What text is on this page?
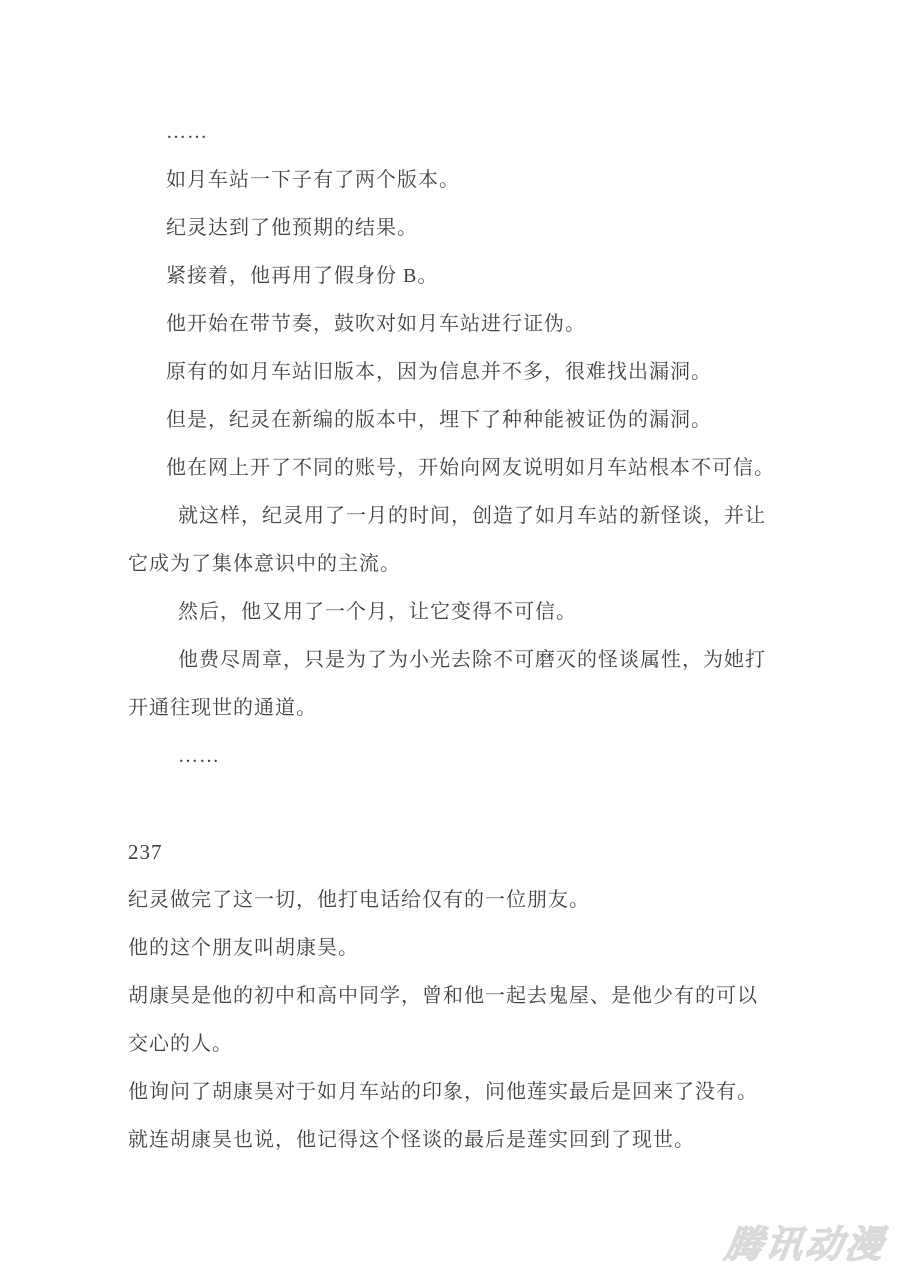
……
如月车站一下子有了两个版本。
纪灵达到了他预期的结果。
紧接着，他再用了假身份 B。
他开始在带节奏，鼓吹对如月车站进行证伪。
原有的如月车站旧版本，因为信息并不多，很难找出漏洞。
但是，纪灵在新编的版本中，埋下了种种能被证伪的漏洞。
他在网上开了不同的账号，开始向网友说明如月车站根本不可信。
就这样，纪灵用了一月的时间，创造了如月车站的新怪谈，并让
它成为了集体意识中的主流。
然后，他又用了一个月，让它变得不可信。
他费尽周章，只是为了为小光去除不可磨灭的怪谈属性，为她打
开通往现世的通道。
……
237
纪灵做完了这一切，他打电话给仅有的一位朋友。
他的这个朋友叫胡康昊。
胡康昊是他的初中和高中同学，曾和他一起去鬼屋、是他少有的可以
交心的人。
他询问了胡康昊对于如月车站的印象，问他莲实最后是回来了没有。
就连胡康昊也说，他记得这个怪谈的最后是莲实回到了现世。
腾讯动漫
